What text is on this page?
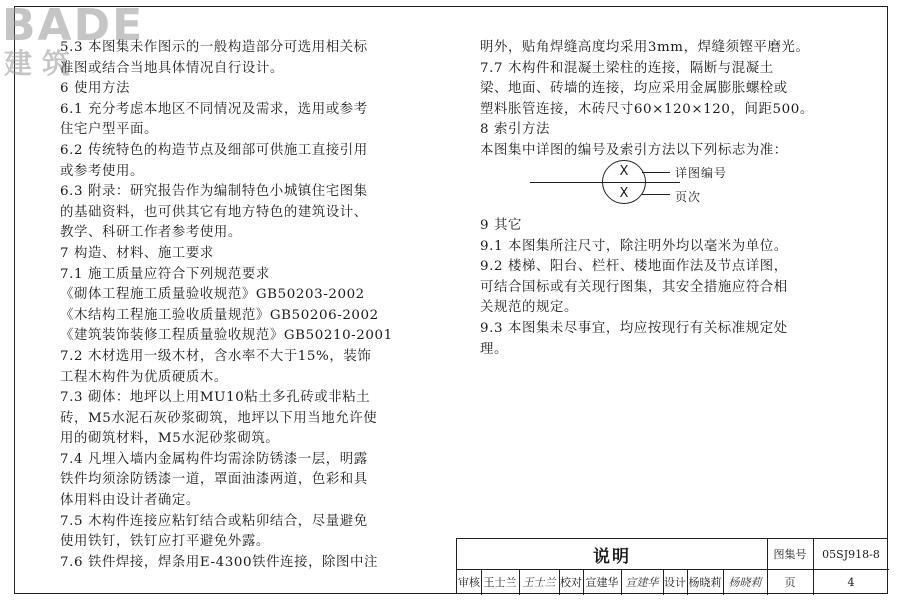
BADE
建筑

5.3 本图集未作图示的一般构造部分可选用相关标

准图或结合当地具体情况自行设计。

6 使用方法

6.1 充分考虑本地区不同情况及需求，选用或参考

住宅户型平面。

6.2 传统特色的构造节点及细部可供施工直接引用

或参考使用。

6.3 附录：研究报告作为编制特色小城镇住宅图集

的基础资料，也可供其它有地方特色的建筑设计、

教学、科研工作者参考使用。

7 构造、材料、施工要求

7.1 施工质量应符合下列规范要求

《砌体工程施工质量验收规范》GB50203-2002

《木结构工程施工验收质量规范》GB50206-2002

《建筑装饰装修工程质量验收规范》GB50210-2001

7.2 木材选用一级木材，含水率不大于15%，装饰

工程木构件为优质硬质木。

7.3 砌体：地坪以上用MU10粘土多孔砖或非粘土

砖，M5水泥石灰砂浆砌筑，地坪以下用当地允许使

用的砌筑材料，M5水泥砂浆砌筑。

7.4 凡埋入墙内金属构件均需涂防锈漆一层，明露

铁件均须涂防锈漆一道，罩面油漆两道，色彩和具

体用料由设计者确定。

7.5 木构件连接应粘钉结合或粘卯结合，尽量避免

使用铁钉，铁钉应打平避免外露。

7.6 铁件焊接，焊条用E-4300铁件连接，除图中注

明外，贴角焊缝高度均采用3mm，焊缝须铿平磨光。

7.7 木构件和混凝土梁柱的连接，隔断与混凝土

梁、地面、砖墙的连接，均应采用金属膨胀螺栓或

塑料胀管连接，木砖尺寸60×120×120，间距500。

8 索引方法

本图集中详图的编号及索引方法以下列标志为准：

X
X
详图编号
页次

9 其它

9.1 本图集所注尺寸，除注明外均以毫米为单位。

9.2 楼梯、阳台、栏杆、楼地面作法及节点详图，

可结合国标或有关现行图集，其安全措施应符合相

关规范的规定。

9.3 本图集未尽事宜，均应按现行有关标准规定处

理。

说明	图集号	05SJ918-8
审核 王士兰 王士兰 校对 宣建华 宣建华 设计 杨晓莉 杨晓莉	页	4
